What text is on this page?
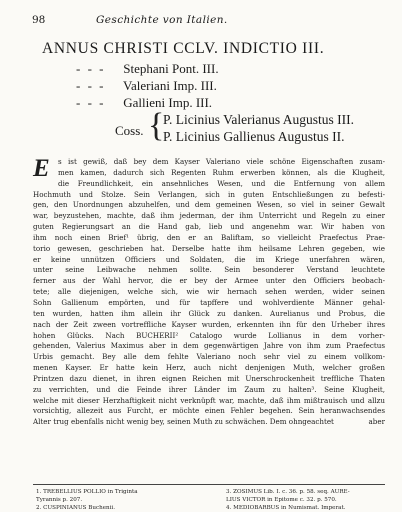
98	Geschichte von Italien.
ANNUS CHRISTI CCLV. INDICTIO III.
- - - Stephani Pont. III.
- - - Valeriani Imp. III.
- - - Gallieni Imp. III.
Coss. {
P. Licinius Valerianus Augustus III.
P. Licinius Gallienus Augustus II.
E	s ist gewiß, daß bey dem Kayser Valeriano viele schöne Eigenschaften zusam-
men kamen, dadurch sich Regenten Ruhm erwerben können, als die Klugheit,
die Freundlichkeit, ein ansehnliches Wesen, und die Entfernung von allem
Hochmuth und Stolze. Sein Verlangen, sich in guten Entschließungen zu befesti-
gen, den Unordnungen abzuhelfen, und dem gemeinen Wesen, so viel in seiner Gewalt
war, beyzustehen, machte, daß ihm jederman, der ihm Unterricht und Regeln zu einer
guten Regierungsart an die Hand gab, lieb und angenehm war. Wir haben von
ihm noch einen Brief¹ übrig, den er an Baliftam, so vielleicht Praefectus Prae-
torio gewesen, geschrieben hat. Derselbe hatte ihm heilsame Lehren gegeben, wie
er keine unnützen Officiers und Soldaten, die im Kriege unerfahren wären,
unter seine Leibwache nehmen sollte. Sein besonderer Verstand leuchtete
ferner aus der Wahl hervor, die er bey der Armee unter den Officiers beobach-
tete; alle diejenigen, welche sich, wie wir hernach sehen werden, wider seinen
Sohn Gallienum empörten, und für tapffere und wohlverdiente Männer gehal-
ten wurden, hatten ihm allein ihr Glück zu danken. Aurelianus und Probus, die
nach der Zeit zween vortreffliche Kayser wurden, erkennten ihn für den Urheber ihres
hohen Glücks. Nach BUCHERII² Catalogo wurde Lollianus in dem vorher-
gehenden, Valerius Maximus aber in dem gegenwärtigen Jahre von ihm zum Praefectus
Urbis gemacht. Bey alle dem fehlte Valeriano noch sehr viel zu einem vollkom-
menen Kayser. Er hatte kein Herz, auch nicht denjenigen Muth, welcher großen
Printzen dazu dienet, in ihren eignen Reichen mit Unerschrockenheit treffliche Thaten
zu verrichten, und die Feinde ihrer Länder im Zaum zu halten³. Seine Klugheit,
welche mit dieser Herzhaftigkeit nicht verknüpft war, machte, daß ihm mißtrauisch und allzu
vorsichtig, allezeit aus Furcht, er möchte einen Fehler begehen. Sein heranwachsendes
Alter trug ebenfalls nicht wenig bey, seinen Muth zu schwächen. Dem ohngeachtet	aber
1. TREBELLIUS POLLIO in Triginta
Tyrannis p. 207.
2. CUSPINIANUS Buchenii.
3. ZOSIMUS Lib. I. c. 36. p. 58. seq. AURE-
LIUS VICTOR in Epitome c. 32. p. 570.
4. MEDIOBARBUS in Numismat. Imperat.
